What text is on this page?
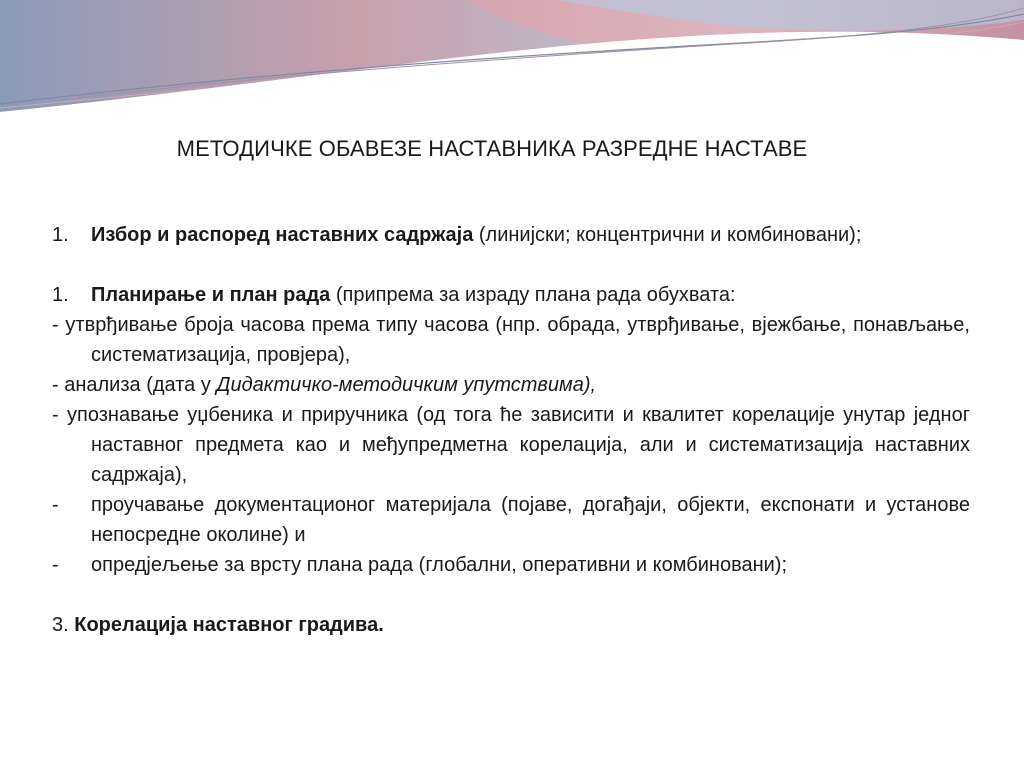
МЕТОДИЧКЕ ОБАВЕЗЕ НАСТАВНИКА РАЗРЕДНЕ НАСТАВЕ

1. Избор и распоред наставних садржаја (линијски; концентрични и комбиновани);

1. Планирање и план рада (припрема за израду плана рада обухвата:

- утврђивање броја часова према типу часова (нпр. обрада, утврђивање, вјежбање, понављање, систематизација, провјера),

- анализа (дата у Дидактичко-методичким упутствима),

- упознавање уџбеника и приручника (од тога ће зависити и квалитет корелације унутар једног наставног предмета као и међупредметна корелација, али и систематизација наставних садржаја),

- проучавање документационог материјала (појаве, догађаји, објекти, експонати и установе непосредне околине) и

- опредјељење за врсту плана рада (глобални, оперативни и комбиновани);

3. Корелација наставног градива.
